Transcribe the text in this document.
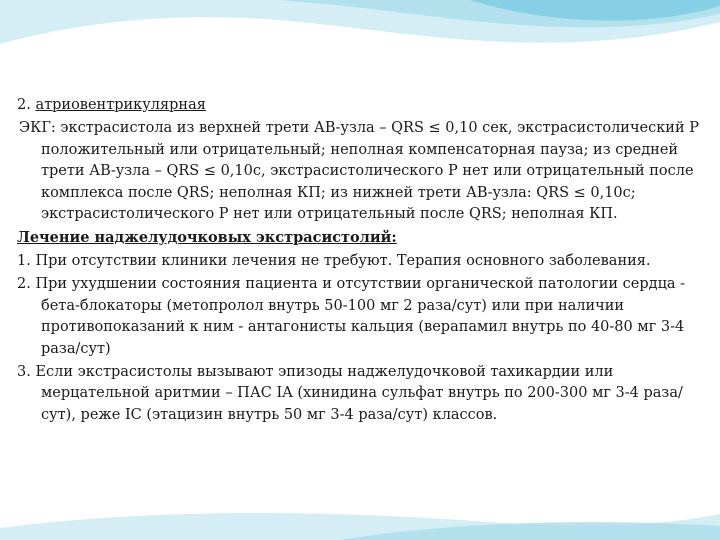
2. атриовентрикулярная

ЭКГ: экстрасистола из верхней трети АВ-узла – QRS ≤ 0,10 сек, экстрасистолический Р положительный или отрицательный; неполная компенсаторная пауза; из средней трети АВ-узла – QRS ≤ 0,10с, экстрасистолического Р нет или отрицательный после комплекса после QRS; неполная КП; из нижней трети АВ-узла: QRS ≤ 0,10с; экстрасистолического Р нет или отрицательный после QRS; неполная КП.

Лечение наджелудочковых экстрасистолий:

1. При отсутствии клиники лечения не требуют. Терапия основного заболевания.

2. При ухудшении состояния пациента и отсутствии органической патологии сердца - бета-блокаторы (метопролол внутрь 50-100 мг 2 раза/сут) или при наличии противопоказаний к ним - антагонисты кальция (верапамил внутрь по 40-80 мг 3-4 раза/сут)

3. Если экстрасистолы вызывают эпизоды наджелудочковой тахикардии или мерцательной аритмии – ПАС IA (хинидина сульфат внутрь по 200-300 мг 3-4 раза/сут), реже IC (этацизин внутрь 50 мг 3-4 раза/сут) классов.
